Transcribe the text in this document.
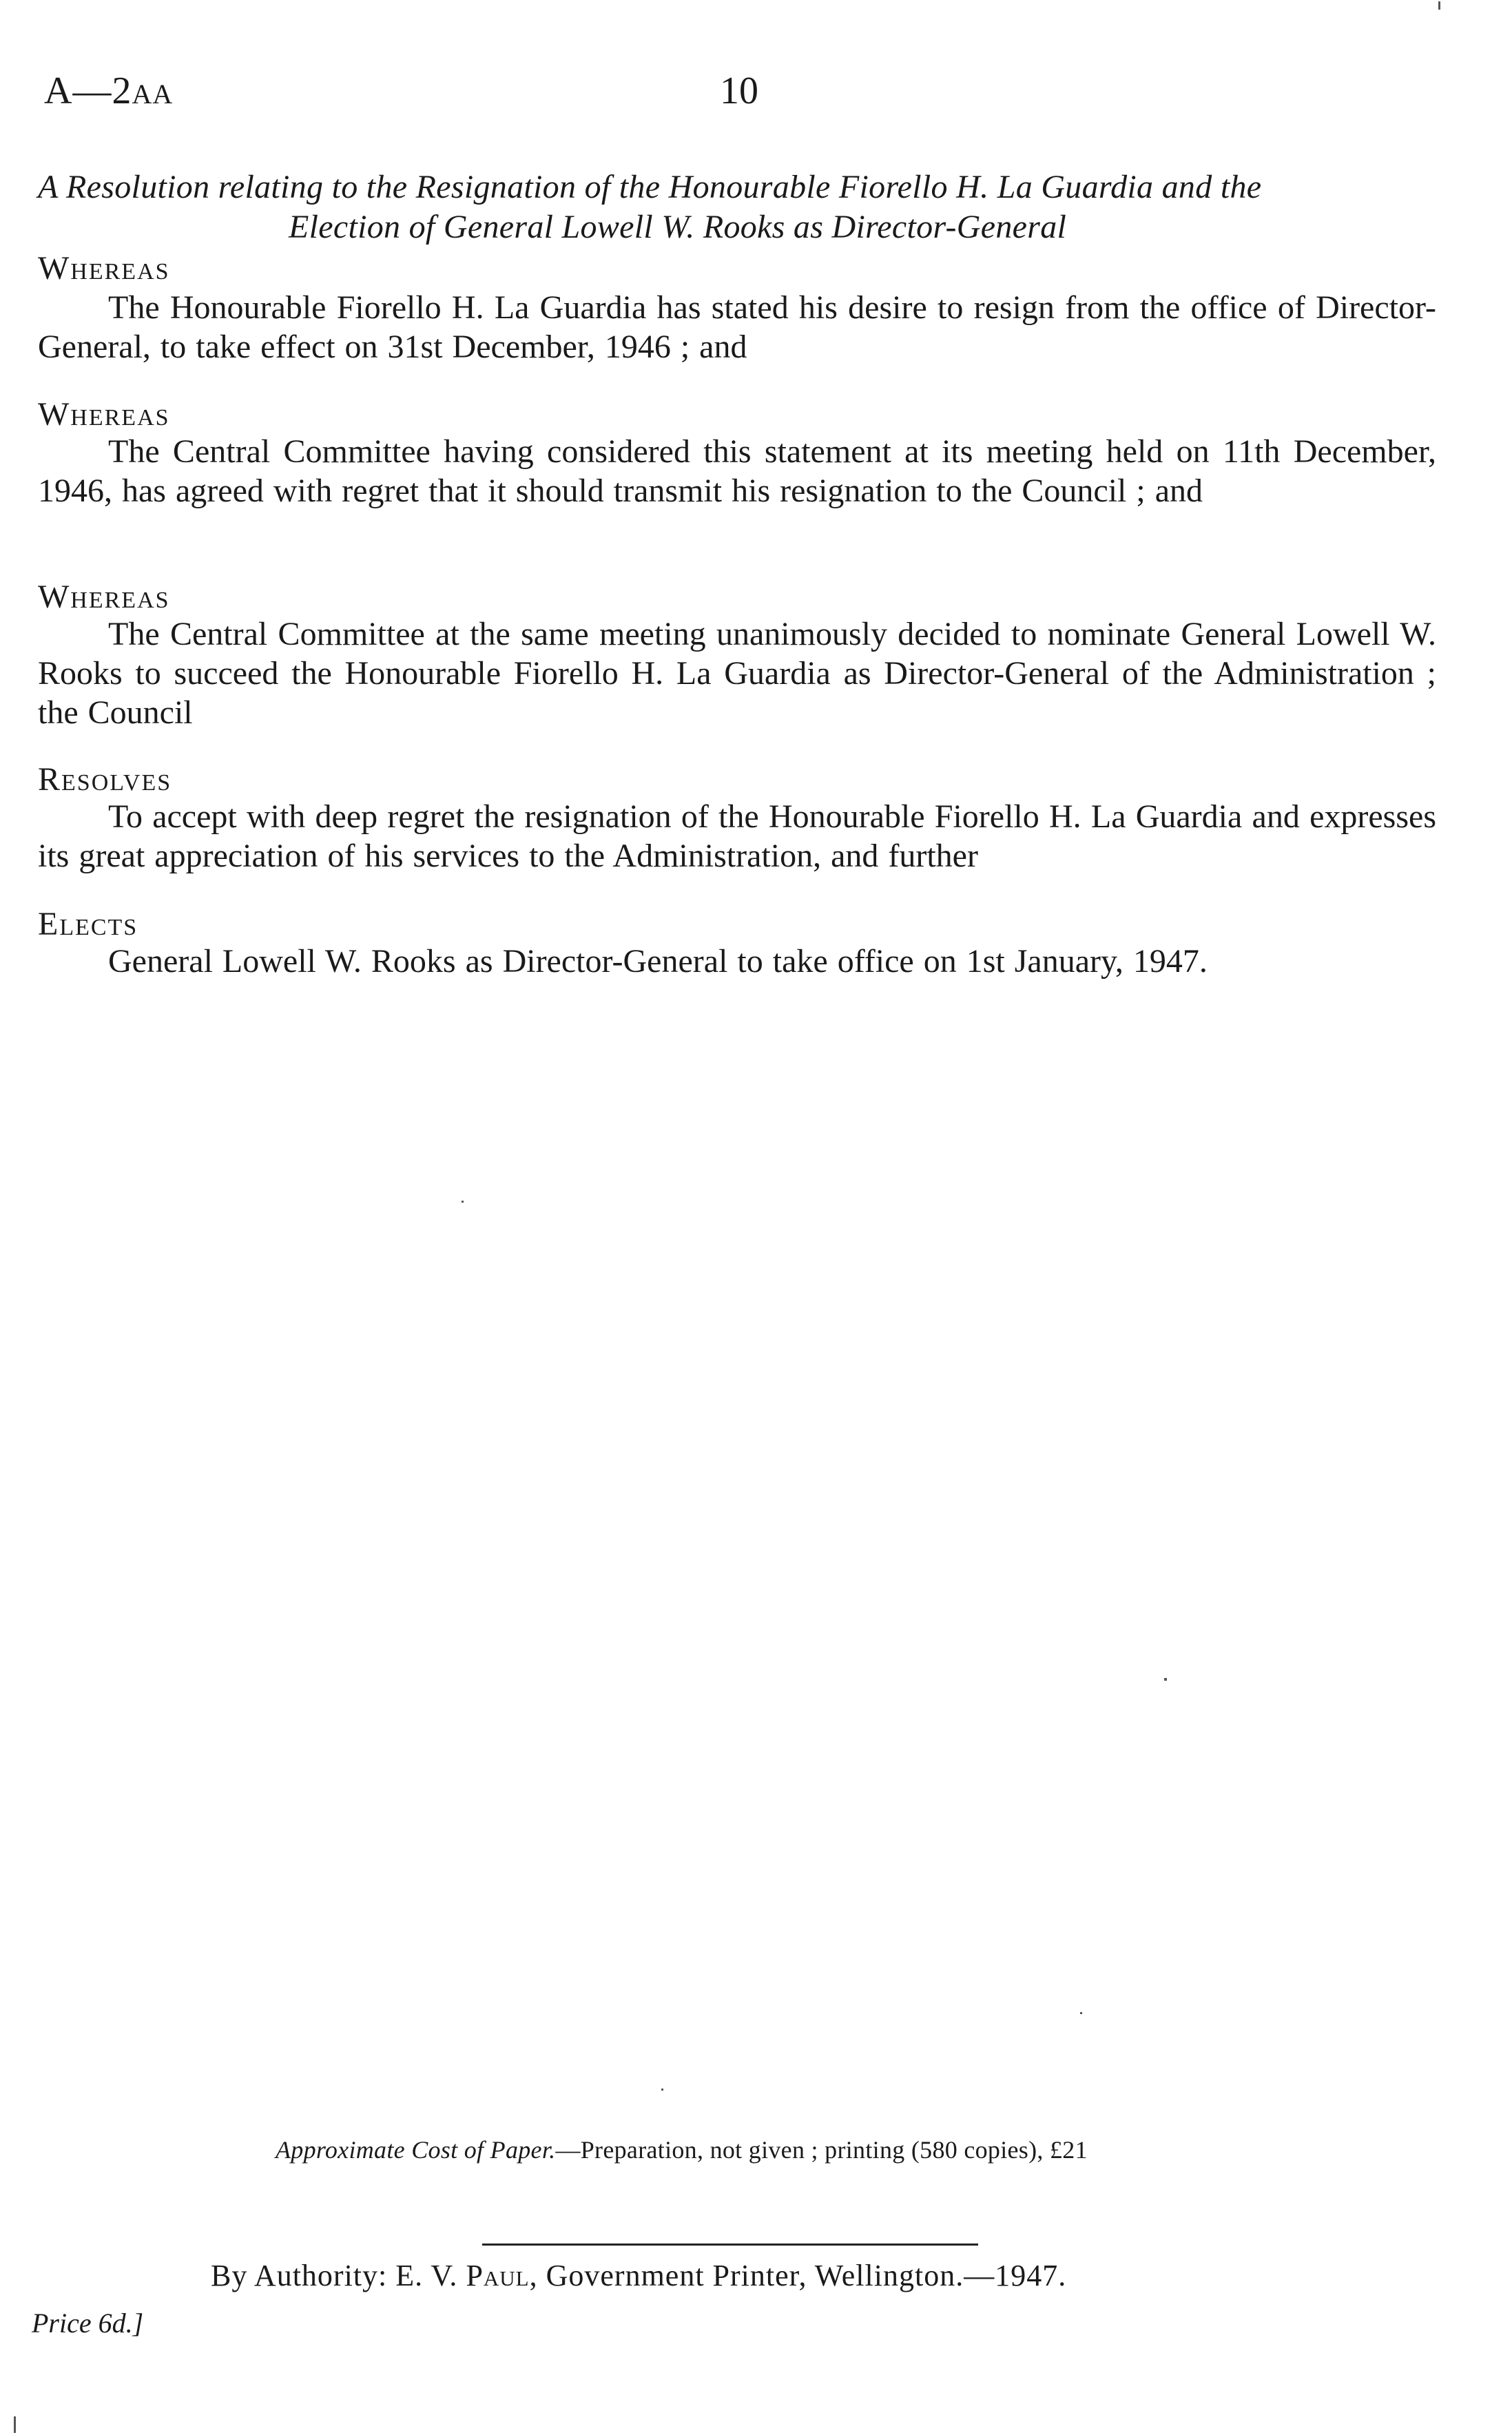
A—2AA	10
A Resolution relating to the Resignation of the Honourable Fiorello H. La Guardia and the
Election of General Lowell W. Rooks as Director-General
Whereas
The Honourable Fiorello H. La Guardia has stated his desire to resign from the office of Director-General, to take effect on 31st December, 1946 ; and
Whereas
The Central Committee having considered this statement at its meeting held on 11th December, 1946, has agreed with regret that it should transmit his resignation to the Council ; and
Whereas
The Central Committee at the same meeting unanimously decided to nominate General Lowell W. Rooks to succeed the Honourable Fiorello H. La Guardia as Director-General of the Administration ; the Council
Resolves
To accept with deep regret the resignation of the Honourable Fiorello H. La Guardia and expresses its great appreciation of his services to the Administration, and further
Elects
General Lowell W. Rooks as Director-General to take office on 1st January, 1947.
Approximate Cost of Paper.—Preparation, not given ; printing (580 copies), £21
By Authority: E. V. Paul, Government Printer, Wellington.—1947.
Price 6d.]
